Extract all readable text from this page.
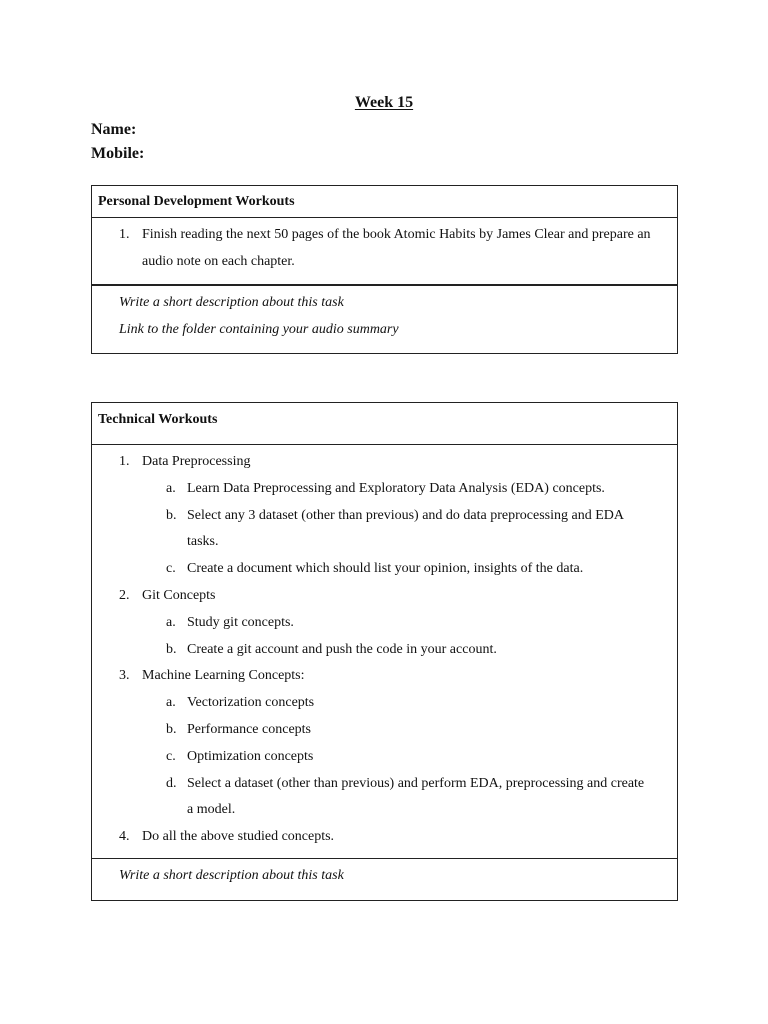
Week 15
Name:
Mobile:
Personal Development Workouts
1. Finish reading the next 50 pages of the book Atomic Habits by James Clear and prepare an audio note on each chapter.
Write a short description about this task
Link to the folder containing your audio summary
Technical Workouts
1. Data Preprocessing
a. Learn Data Preprocessing and Exploratory Data Analysis (EDA) concepts.
b. Select any 3 dataset (other than previous) and do data preprocessing and EDA tasks.
c. Create a document which should list your opinion, insights of the data.
2. Git Concepts
a. Study git concepts.
b. Create a git account and push the code in your account.
3. Machine Learning Concepts:
a. Vectorization concepts
b. Performance concepts
c. Optimization concepts
d. Select a dataset (other than previous) and perform EDA, preprocessing and create a model.
4. Do all the above studied concepts.
Write a short description about this task
